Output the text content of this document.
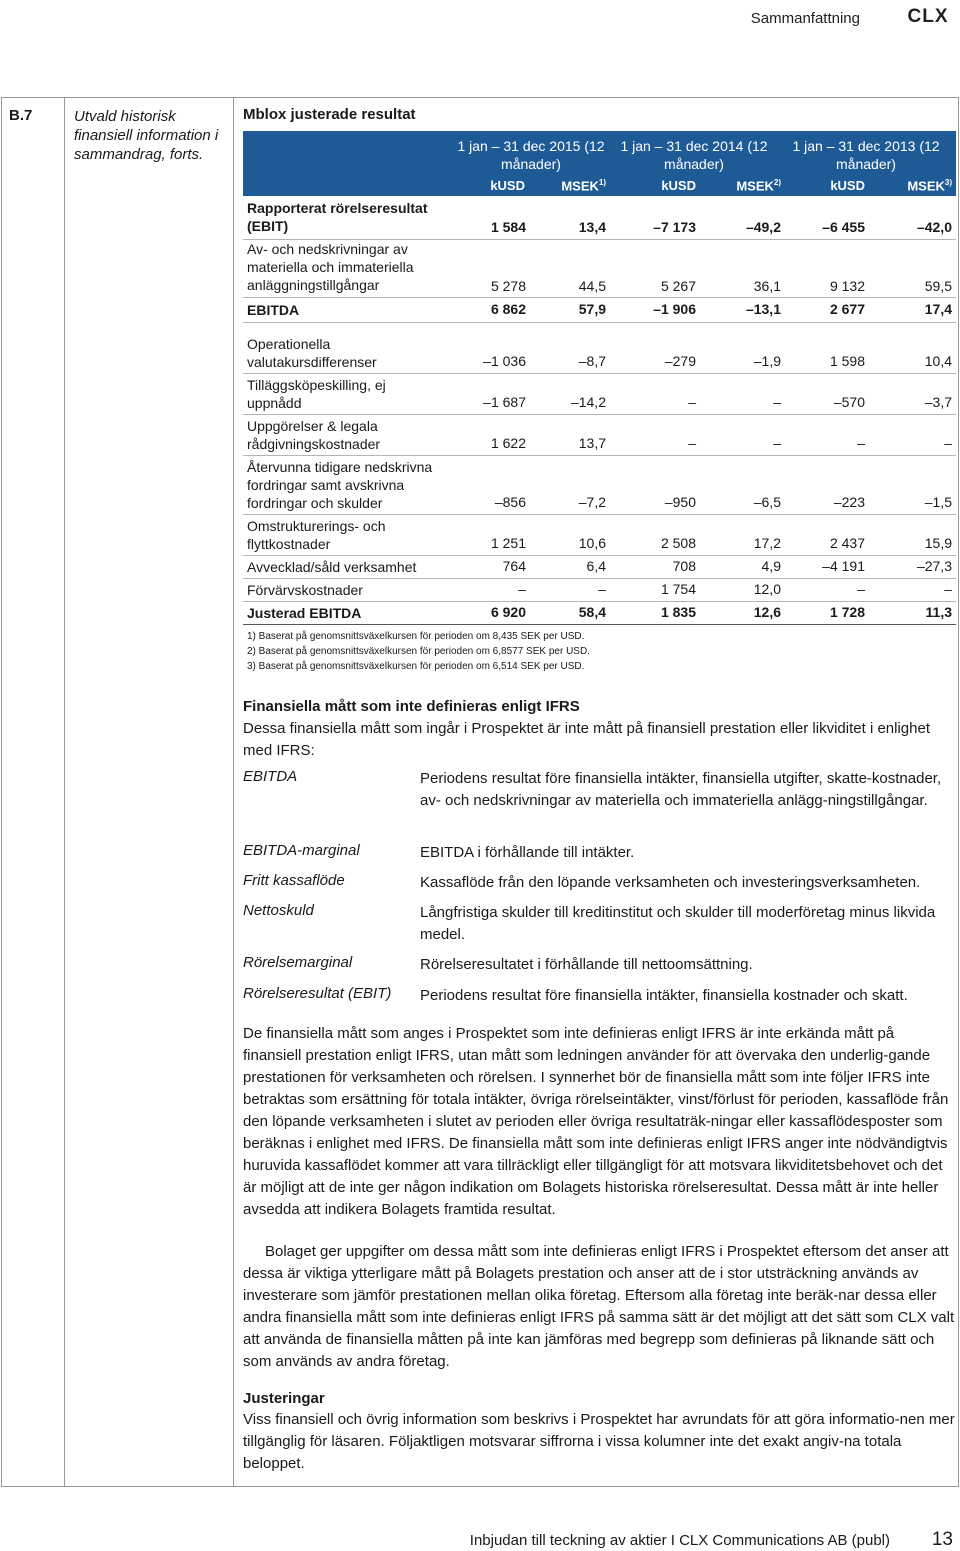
Sammanfattning	CLX
B.7	Utvald historisk finansiell information i sammandrag, forts.
Mblox justerade resultat
1 jan – 31 dec 2015 (12 månader)
1 jan – 31 dec 2014 (12 månader)
1 jan – 31 dec 2013 (12 månader)
kUSD	MSEK$^{1)}$	kUSD	MSEK$^{2)}$	kUSD	MSEK$^{3)}$
Rapporterat rörelseresultat (EBIT)	1 584	13,4	–7 173	–49,2	–6 455	–42,0
Av- och nedskrivningar av materiella och immateriella anläggningstillgångar	5 278	44,5	5 267	36,1	9 132	59,5
EBITDA	6 862	57,9	–1 906	–13,1	2 677	17,4
Operationella valutakursdifferenser	–1 036	–8,7	–279	–1,9	1 598	10,4
Tilläggsköpeskilling, ej uppnådd	–1 687	–14,2	–	–	–570	–3,7
Uppgörelser & legala rådgivningskostnader	1 622	13,7	–	–	–	–
Återvunna tidigare nedskrivna fordringar samt avskrivna fordringar och skulder	–856	–7,2	–950	–6,5	–223	–1,5
Omstrukturerings- och flyttkostnader	1 251	10,6	2 508	17,2	2 437	15,9
Avvecklad/såld verksamhet	764	6,4	708	4,9	–4 191	–27,3
Förvärvskostnader	–	–	1 754	12,0	–	–
Justerad EBITDA	6 920	58,4	1 835	12,6	1 728	11,3
1) Baserat på genomsnittsväxelkursen för perioden om 8,435 SEK per USD.
2) Baserat på genomsnittsväxelkursen för perioden om 6,8577 SEK per USD.
3) Baserat på genomsnittsväxelkursen för perioden om 6,514 SEK per USD.
Finansiella mått som inte definieras enligt IFRS
Dessa finansiella mått som ingår i Prospektet är inte mått på finansiell prestation eller likviditet i enlighet med IFRS:
EBITDA	Periodens resultat före finansiella intäkter, finansiella utgifter, skatte-kostnader, av- och nedskrivningar av materiella och immateriella anlägg-ningstillgångar.
EBITDA-marginal	EBITDA i förhållande till intäkter.
Fritt kassaflöde	Kassaflöde från den löpande verksamheten och investeringsverksamheten.
Nettoskuld	Långfristiga skulder till kreditinstitut och skulder till moderföretag minus likvida medel.
Rörelsemarginal	Rörelseresultatet i förhållande till nettoomsättning.
Rörelseresultat (EBIT) Periodens resultat före finansiella intäkter, finansiella kostnader och skatt.
De finansiella mått som anges i Prospektet som inte definieras enligt IFRS är inte erkända mått på finansiell prestation enligt IFRS, utan mått som ledningen använder för att övervaka den underlig-gande prestationen för verksamheten och rörelsen. I synnerhet bör de finansiella mått som inte följer IFRS inte betraktas som ersättning för totala intäkter, övriga rörelseintäkter, vinst/förlust för perioden, kassaflöde från den löpande verksamheten i slutet av perioden eller övriga resultaträk-ningar eller kassaflödesposter som beräknas i enlighet med IFRS. De finansiella mått som inte definieras enligt IFRS anger inte nödvändigtvis huruvida kassaflödet kommer att vara tillräckligt eller tillgängligt för att motsvara likviditetsbehovet och det är möjligt att de inte ger någon indikation om Bolagets historiska rörelseresultat. Dessa mått är inte heller avsedda att indikera Bolagets framtida resultat.
Bolaget ger uppgifter om dessa mått som inte definieras enligt IFRS i Prospektet eftersom det anser att dessa är viktiga ytterligare mått på Bolagets prestation och anser att de i stor utsträckning används av investerare som jämför prestationen mellan olika företag. Eftersom alla företag inte beräk-nar dessa eller andra finansiella mått som inte definieras enligt IFRS på samma sätt är det möjligt att det sätt som CLX valt att använda de finansiella måtten på inte kan jämföras med begrepp som definieras på liknande sätt och som används av andra företag.
Justeringar
Viss finansiell och övrig information som beskrivs i Prospektet har avrundats för att göra informatio-nen mer tillgänglig för läsaren. Följaktligen motsvarar siffrorna i vissa kolumner inte det exakt angiv-na totala beloppet.
Inbjudan till teckning av aktier I CLX Communications AB (publ) 13
